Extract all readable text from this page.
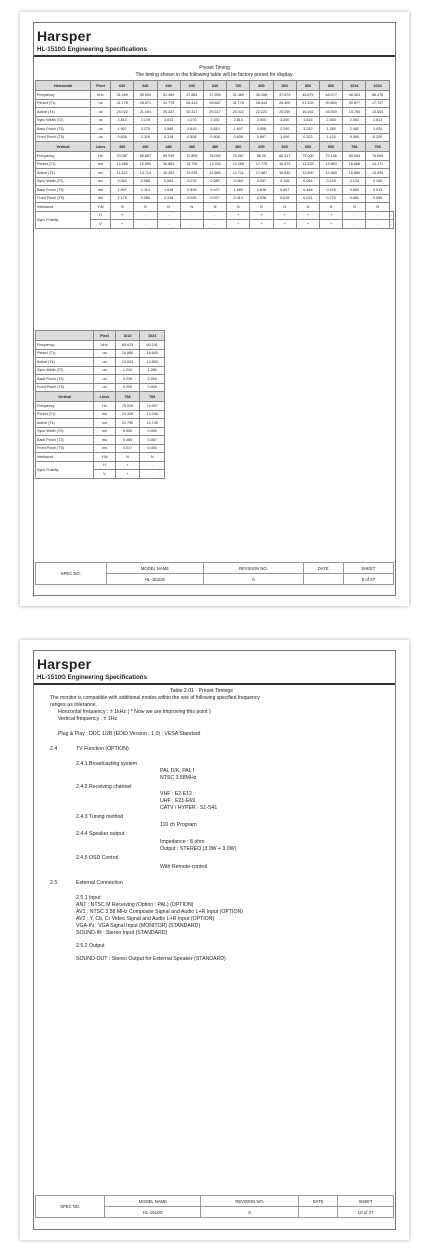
Harsper
HL-1510G Engineering Specifications
Preset Timing
The timing shown in the following table will be factory preset for display.
Horizontal	Pixel	640	640	640	640	640	720	800	800	800	800	1024	1024	
Frequency	kHz	31.469	35.000	31.469	37.861	37.500	31.469	35.156	37.879	46.875	48.077	48.363	56.476	
Period (T1)	us	31.778	28.571	31.778	26.413	26.667	31.778	28.444	26.400	21.333	20.800	20.677	17.707	
Active (T4)	us	25.422	21.164	25.422	20.317	20.317	25.422	22.222	20.000	16.162	16.000	15.754	13.653	
Sync Width (T2)	us	3.813	3.175	3.813	1.270	2.032	3.813	2.000	3.200	1.616	2.400	2.092	1.813	
Back Porch (T3)	us	1.907	3.175	1.589	3.810	3.810	1.907	3.556	2.200	3.232	1.280	2.462	1.920	
Front Porch (T5)	us	0.636	2.116	0.318	0.508	0.508	0.636	0.667	1.000	0.323	1.120	0.369	0.320	
Vertical	Lines	350	400	480	480	480	400	600	600	600	600	768	768	
Frequency	Hz	70.087	66.667	59.940	72.809	75.000	70.087	56.25	60.317	75.000	72.188	60.004	70.069	
Period (T1)	ms	14.268	15.000	16.683	13.735	13.333	14.268	17.778	16.579	13.333	13.853	16.666	14.272	
Active (T4)	ms	11.122	13.714	15.253	12.678	12.800	12.711	17.067	15.840	12.800	12.480	15.880	13.599	
Sync Width (T2)	ms	0.064	0.086	0.064	0.079	0.080	0.064	0.057	0.106	0.064	0.125	0.124	0.106	
Back Porch (T3)	ms	1.907	1.114	1.049	0.528	0.427	1.080	0.626	0.607	0.448	0.478	0.600	0.513	
Front Porch (T5)	ms	1.176	0.086	0.318	0.026	0.027	0.413	0.028	0.026	0.021	0.770	0.062	0.055	
Interlaced	Y/N	N	N	N	N	N	N	N	N	N	N	N	N	
Sync Polarity	H	+	-	-	-	-	+	+	+	+	+	-	-	-
	V	+	-	-	-	-	+	+	+	+	+	-	-	-
	Pixel	1024	1024
Frequency	kHz	60.023	60.241
Period (T1)	us	16.660	16.600
Active (T4)	us	13.003	12.800
Sync Width (T2)	us	1.219	1.280
Back Porch (T3)	us	2.235	2.260
Front Porch (T5)	us	0.203	0.400
Vertical	Lines	768	768
Frequency	Hz	75.029	74.927
Period (T1)	ms	13.328	13.346
Active (T4)	ms	12.795	12.749
Sync Width (T2)	ms	0.050	0.050
Back Porch (T3)	ms	0.460	0.467
Front Porch (T5)	ms	0.017	0.050
Interlaced	Y/N	N	N
Sync Polarity	H	+	-
	V	+	-
SPEC NO.	MODEL NAME	REVISION NO.	DATE	SHEET
	HL-1510G	0		9 of 27
Harsper
HL-1510G Engineering Specifications
Table 2.01 - Preset Timings
The monitor is compatible with additional modes within the one of following specified frequency
ranges as tolerance.
Horizontal frequency : ± 1kHz ( * Now we are improving this point )
Vertical frequency : ± 1Hz
Plug & Play : DDC 1/2B (EDID Version : 1.0) : VESA Standard
2.4	TV Function (OPTION)
2.4.1 Broadcasting system
PAL D/K, PAL I
NTSC 3.58MHz
2.4.2 Receiving channel
VHF : E2-E12
UHF : E21-E69
CATV / HYPER : S1-S41
2.4.3 Tuning method
110 ch Program
2.4.4 Speaker output
Impedance : 8 ohm
Output : STEREO (3.0W + 3.0W)
2.4.5 OSD Control
With Remote-control
2.5	External Connection
2.5.1 Input
ANT : NTSC M Receiving (Option : PAL) (OPTION)
AV1 : NTSC 3.58 MHz Composite Signal and Audio L+R Input (OPTION)
AV2 : Y, Cb, Cr Video Signal and Audio L+R Input (OPTION)
VGA-IN : VGA Signal Input (MONITOR) (STANDARD)
SOUND-IN : Stereo Input (STANDARD)
2.5.2 Output
SOUND-OUT : Stereo Output for External Speaker (STANDARD)
SPEC NO.	MODEL NAME	REVISION NO.	DATE	SHEET
	HL-1510G	0		10 of 27
